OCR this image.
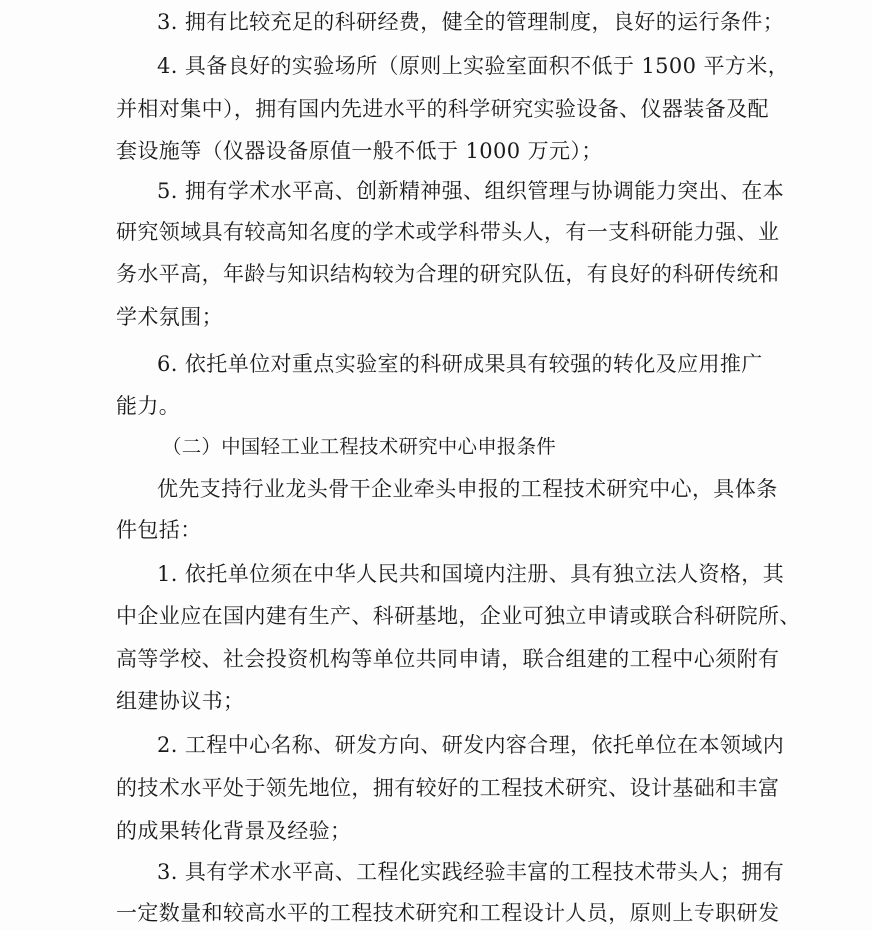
3. 拥有比较充足的科研经费，健全的管理制度，良好的运行条件；
4. 具备良好的实验场所（原则上实验室面积不低于 1500 平方米，
并相对集中），拥有国内先进水平的科学研究实验设备、仪器装备及配
套设施等（仪器设备原值一般不低于 1000 万元）；
5. 拥有学术水平高、创新精神强、组织管理与协调能力突出、在本
研究领域具有较高知名度的学术或学科带头人，有一支科研能力强、业
务水平高，年龄与知识结构较为合理的研究队伍，有良好的科研传统和
学术氛围；
6. 依托单位对重点实验室的科研成果具有较强的转化及应用推广
能力。
（二）中国轻工业工程技术研究中心申报条件
优先支持行业龙头骨干企业牵头申报的工程技术研究中心，具体条
件包括：
1. 依托单位须在中华人民共和国境内注册、具有独立法人资格，其
中企业应在国内建有生产、科研基地，企业可独立申请或联合科研院所、
高等学校、社会投资机构等单位共同申请，联合组建的工程中心须附有
组建协议书；
2. 工程中心名称、研发方向、研发内容合理，依托单位在本领域内
的技术水平处于领先地位，拥有较好的工程技术研究、设计基础和丰富
的成果转化背景及经验；
3. 具有学术水平高、工程化实践经验丰富的工程技术带头人；拥有
一定数量和较高水平的工程技术研究和工程设计人员，原则上专职研发
